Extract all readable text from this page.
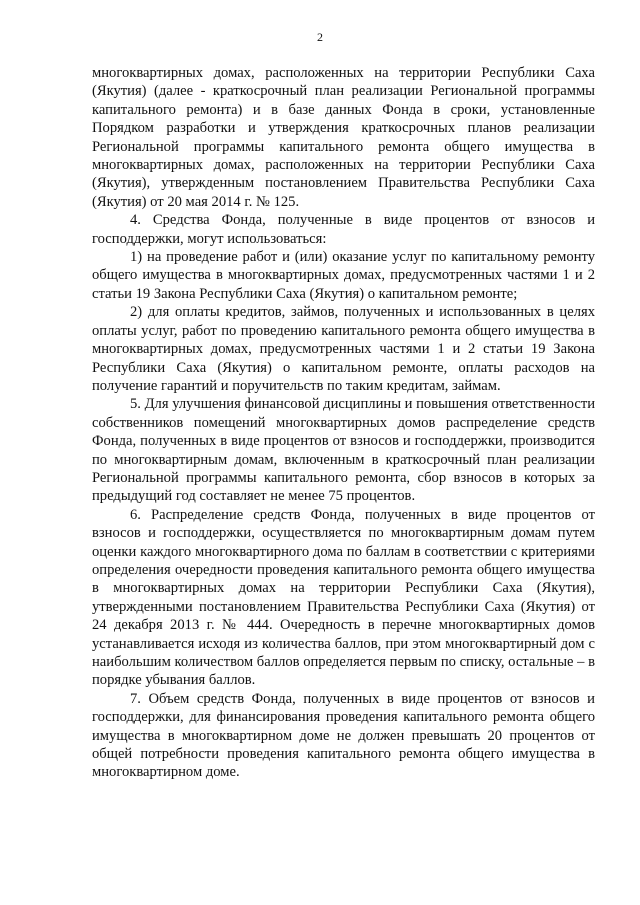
2

многоквартирных домах, расположенных на территории Республики Саха (Якутия) (далее - краткосрочный план реализации Региональной программы капитального ремонта) и в базе данных Фонда в сроки, установленные Порядком разработки и утверждения краткосрочных планов реализации Региональной программы капитального ремонта общего имущества в многоквартирных домах, расположенных на территории Республики Саха (Якутия), утвержденным постановлением Правительства Республики Саха (Якутия) от 20 мая 2014 г. № 125.

4. Средства Фонда, полученные в виде процентов от взносов и господдержки, могут использоваться:

1) на проведение работ и (или) оказание услуг по капитальному ремонту общего имущества в многоквартирных домах, предусмотренных частями 1 и 2 статьи 19 Закона Республики Саха (Якутия) о капитальном ремонте;

2) для оплаты кредитов, займов, полученных и использованных в целях оплаты услуг, работ по проведению капитального ремонта общего имущества в многоквартирных домах, предусмотренных частями 1 и 2 статьи 19 Закона Республики Саха (Якутия) о капитальном ремонте, оплаты расходов на получение гарантий и поручительств по таким кредитам, займам.

5. Для улучшения финансовой дисциплины и повышения ответственности собственников помещений многоквартирных домов распределение средств Фонда, полученных в виде процентов от взносов и господдержки, производится по многоквартирным домам, включенным в краткосрочный план реализации Региональной программы капитального ремонта, сбор взносов в которых за предыдущий год составляет не менее 75 процентов.

6. Распределение средств Фонда, полученных в виде процентов от взносов и господдержки, осуществляется по многоквартирным домам путем оценки каждого многоквартирного дома по баллам в соответствии с критериями определения очередности проведения капитального ремонта общего имущества в многоквартирных домах на территории Республики Саха (Якутия), утвержденными постановлением Правительства Республики Саха (Якутия) от 24 декабря 2013 г. № 444. Очередность в перечне многоквартирных домов устанавливается исходя из количества баллов, при этом многоквартирный дом с наибольшим количеством баллов определяется первым по списку, остальные – в порядке убывания баллов.

7. Объем средств Фонда, полученных в виде процентов от взносов и господдержки, для финансирования проведения капитального ремонта общего имущества в многоквартирном доме не должен превышать 20 процентов от общей потребности проведения капитального ремонта общего имущества в многоквартирном доме.
